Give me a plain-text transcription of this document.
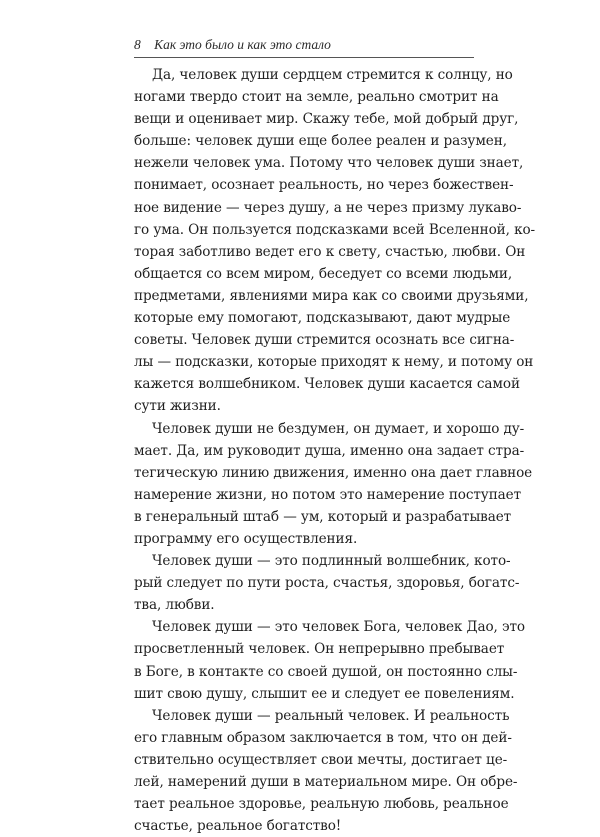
8 Как это было и как это стало
Да, человек души сердцем стремится к солнцу, но
ногами твердо стоит на земле, реально смотрит на
вещи и оценивает мир. Скажу тебе, мой добрый друг,
больше: человек души еще более реален и разумен,
нежели человек ума. Потому что человек души знает,
понимает, осознает реальность, но через божествен-
ное видение — через душу, а не через призму лукаво-
го ума. Он пользуется подсказками всей Вселенной, ко-
торая заботливо ведет его к свету, счастью, любви. Он
общается со всем миром, беседует со всеми людьми,
предметами, явлениями мира как со своими друзьями,
которые ему помогают, подсказывают, дают мудрые
советы. Человек души стремится осознать все сигна-
лы — подсказки, которые приходят к нему, и потому он
кажется волшебником. Человек души касается самой
сути жизни.
Человек души не бездумен, он думает, и хорошо ду-
мает. Да, им руководит душа, именно она задает стра-
тегическую линию движения, именно она дает главное
намерение жизни, но потом это намерение поступает
в генеральный штаб — ум, который и разрабатывает
программу его осуществления.
Человек души — это подлинный волшебник, кото-
рый следует по пути роста, счастья, здоровья, богатс-
тва, любви.
Человек души — это человек Бога, человек Дао, это
просветленный человек. Он непрерывно пребывает
в Боге, в контакте со своей душой, он постоянно слы-
шит свою душу, слышит ее и следует ее повелениям.
Человек души — реальный человек. И реальность
его главным образом заключается в том, что он дей-
ствительно осуществляет свои мечты, достигает це-
лей, намерений души в материальном мире. Он обре-
тает реальное здоровье, реальную любовь, реальное
счастье, реальное богатство!
